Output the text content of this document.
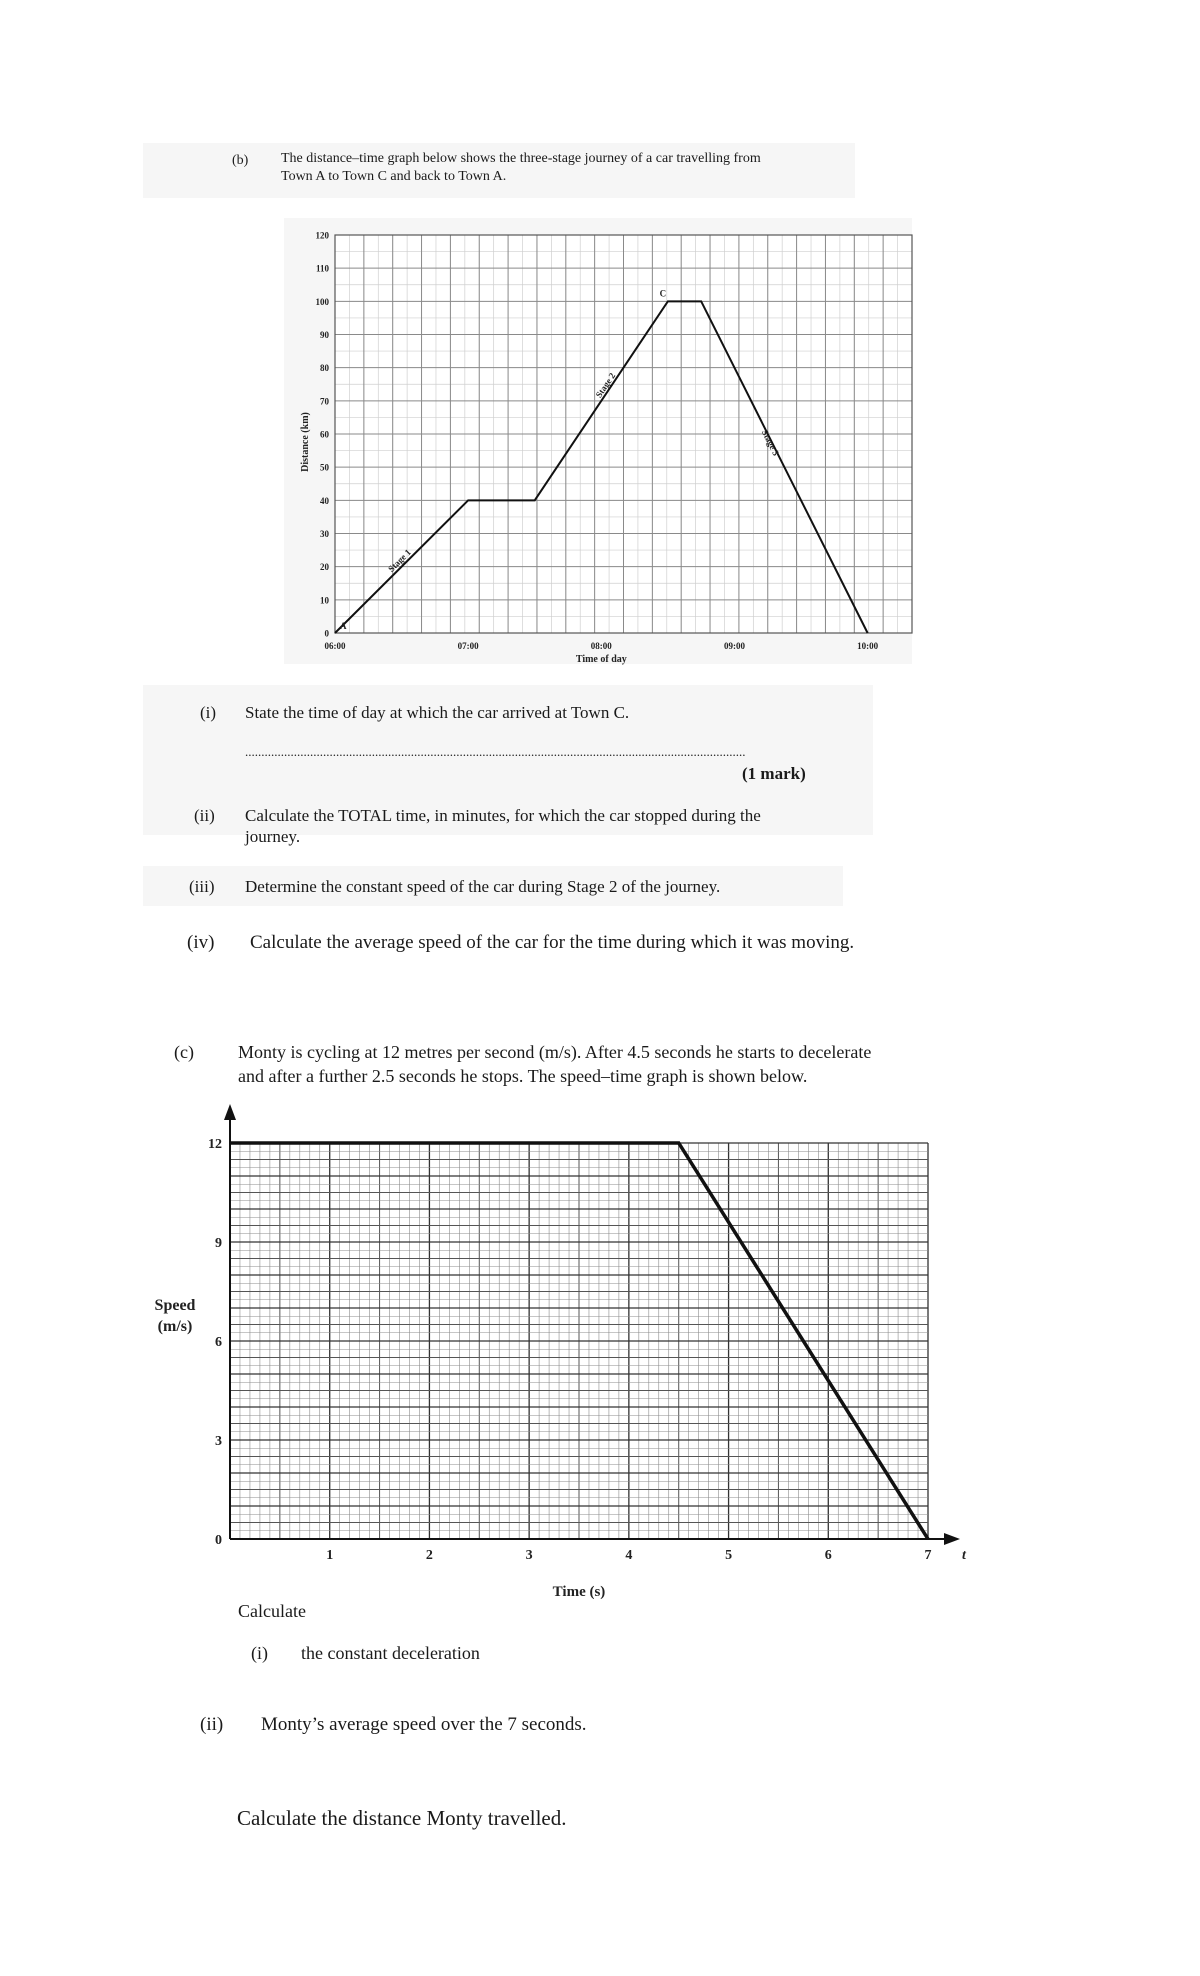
(b) The distance–time graph below shows the three-stage journey of a car travelling from
Town A to Town C and back to Town A.
0
10
20
30
40
50
60
70
80
90
100
110
120
06:00	07:00	08:00	09:00	10:00
Time of day
Distance (km)
A
C
Stage 1
Stage 2
Stage 3
(i) State the time of day at which the car arrived at Town C.
..........................................................................................................................................................
(1 mark)
(ii) Calculate the TOTAL time, in minutes, for which the car stopped during the
journey.
(iii) Determine the constant speed of the car during Stage 2 of the journey.
(iv) Calculate the average speed of the car for the time during which it was moving.
(c) Monty is cycling at 12 metres per second (m/s). After 4.5 seconds he starts to decelerate
and after a further 2.5 seconds he stops. The speed–time graph is shown below.
0
3
6
9
12
1	2	3	4	5	6	7 t
Time (s)
Speed
(m/s)
Calculate
(i) the constant deceleration
(ii) Monty’s average speed over the 7 seconds.
Calculate the distance Monty travelled.
